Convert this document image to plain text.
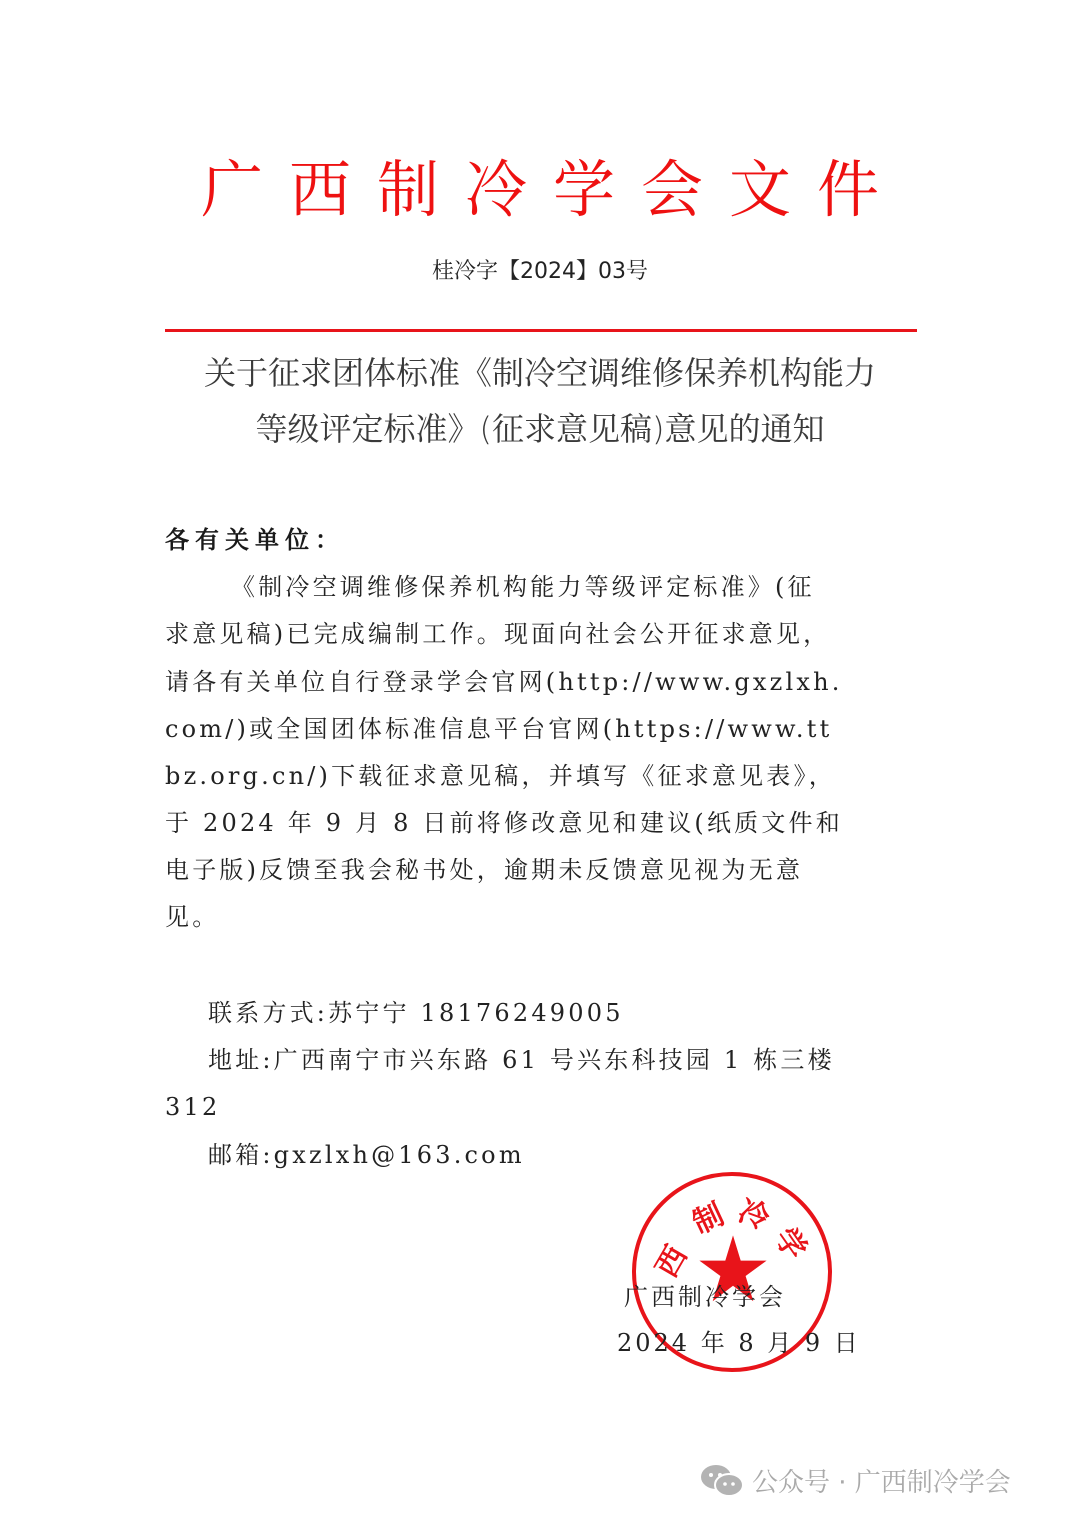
广西制冷学会文件
桂冷字【2024】03号
关于征求团体标准《制冷空调维修保养机构能力
等级评定标准》(征求意见稿)意见的通知
各有关单位：
《制冷空调维修保养机构能力等级评定标准》(征
求意见稿)已完成编制工作。现面向社会公开征求意见，
请各有关单位自行登录学会官网(http://www.gxzlxh.
com/)或全国团体标准信息平台官网(https://www.tt
bz.org.cn/)下载征求意见稿，并填写《征求意见表》，
于 2024 年 9 月 8 日前将修改意见和建议(纸质文件和
电子版)反馈至我会秘书处，逾期未反馈意见视为无意
见。
联系方式:苏宁宁 18176249005
地址:广西南宁市兴东路 61 号兴东科技园 1 栋三楼
312
邮箱:gxzlxh@163.com
西
制 冷
学
广西制冷学会
2024 年 8 月 9 日
公众号 · 广西制冷学会
